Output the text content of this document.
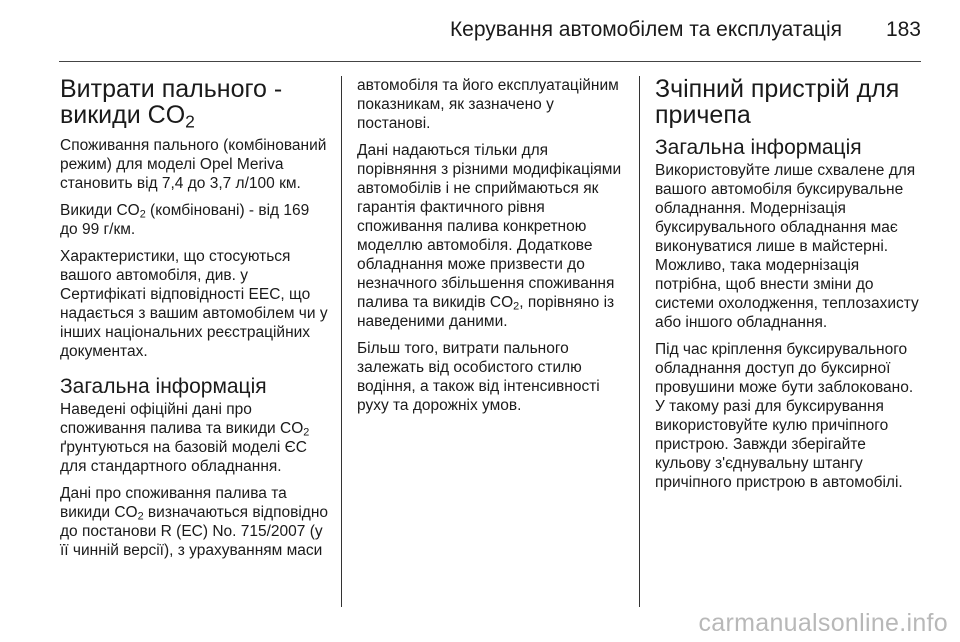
Керування автомобілем та експлуатація 183
Витрати пального -
викиди $CO_2$

Споживання пального (комбінований режим) для моделі Opel Meriva становить від 7,4 до 3,7 л/100 км.

Викиди $CO_2$ (комбіновані) - від 169 до 99 г/км.

Характеристики, що стосуються вашого автомобіля, див. у Сертифікаті відповідності ЕЕС, що надається з вашим автомобілем чи у інших національних реєстраційних документах.

Загальна інформація

Наведені офіційні дані про споживання палива та викиди $CO_2$ ґрунтуються на базовій моделі ЄС для стандартного обладнання.

Дані про споживання палива та викиди $CO_2$ визначаються відповідно до постанови R (EC) No. 715/2007 (у її чинній версії), з урахуванням маси

автомобіля та його експлуатаційним показникам, як зазначено у постанові.

Дані надаються тільки для порівняння з різними модифікаціями автомобілів і не сприймаються як гарантія фактичного рівня споживання палива конкретною моделлю автомобіля. Додаткове обладнання може призвести до незначного збільшення споживання палива та викидів $CO_2$, порівняно із наведеними даними.

Більш того, витрати пального залежать від особистого стилю водіння, а також від інтенсивності руху та дорожніх умов.

Зчіпний пристрій для причепа
Загальна інформація

Використовуйте лише схвалене для вашого автомобіля буксирувальне обладнання. Модернізація буксирувального обладнання має виконуватися лише в майстерні. Можливо, така модернізація потрібна, щоб внести зміни до системи охолодження, теплозахисту або іншого обладнання.

Під час кріплення буксирувального обладнання доступ до буксирної провушини може бути заблоковано. У такому разі для буксирування використовуйте кулю причіпного пристрою. Завжди зберігайте кульову з'єднувальну штангу причіпного пристрою в автомобілі.

carmanualsonline.info
